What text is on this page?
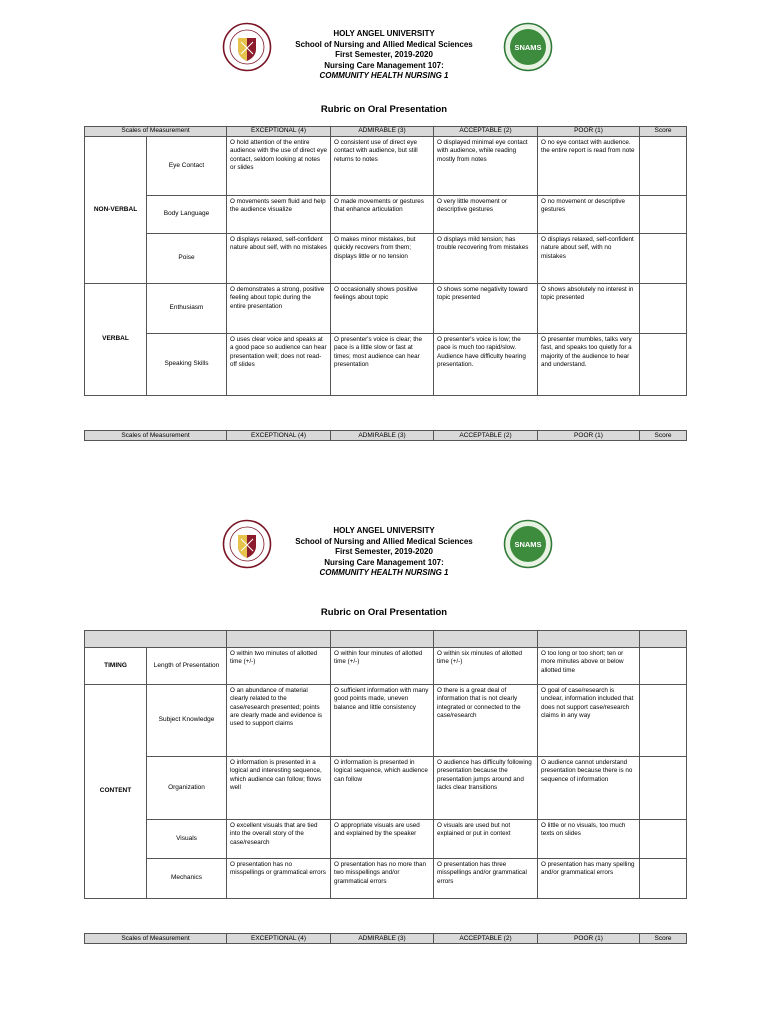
SNAMS
HOLY ANGEL UNIVERSITY
School of Nursing and Allied Medical Sciences
First Semester, 2019-2020
Nursing Care Management 107:
COMMUNITY HEALTH NURSING 1
Rubric on Oral Presentation
Scales of Measurement		EXCEPTIONAL (4)	ADMIRABLE (3)	ACCEPTABLE (2)	POOR (1)	Score
NON-VERBAL	Eye Contact	O hold attention of the entire audience with the use of direct eye contact, seldom looking at notes or slides	O consistent use of direct eye contact with audience, but still returns to notes	O displayed minimal eye contact with audience, while reading mostly from notes	O no eye contact with audience. the entire report is read from note	
	Body Language	O movements seem fluid and help the audience visualize	O made movements or gestures that enhance articulation	O very little movement or descriptive gestures	O no movement or descriptive gestures	
	Poise	O displays relaxed, self-confident nature about self, with no mistakes	O makes minor mistakes, but quickly recovers from them; displays little or no tension	O displays mild tension; has trouble recovering from mistakes	O displays relaxed, self-confident nature about self, with no mistakes	
VERBAL	Enthusiasm	O demonstrates a strong, positive feeling about topic during the entire presentation	O occasionally shows positive feelings about topic	O shows some negativity toward topic presented	O shows absolutely no interest in topic presented	
	Speaking Skills	O uses clear voice and speaks at a good pace so audience can hear presentation well; does not read-off slides	O presenter's voice is clear; the pace is a little slow or fast at times; most audience can hear presentation	O presenter's voice is low; the pace is much too rapid/slow. Audience have difficulty hearing presentation.	O presenter mumbles, talks very fast, and speaks too quietly for a majority of the audience to hear and understand.	
Scales of Measurement	EXCEPTIONAL (4)	ADMIRABLE (3)	ACCEPTABLE (2)	POOR (1)	Score
SNAMS
HOLY ANGEL UNIVERSITY
School of Nursing and Allied Medical Sciences
First Semester, 2019-2020
Nursing Care Management 107:
COMMUNITY HEALTH NURSING 1
Rubric on Oral Presentation

TIMING	Length of Presentation	O within two minutes of allotted time (+/-)	O within four minutes of allotted time (+/-)	O within six minutes of allotted time (+/-)	O too long or too short; ten or more minutes above or below allotted time	
CONTENT	Subject Knowledge	O an abundance of material clearly related to the case/research presented; points are clearly made and evidence is used to support claims	O sufficient information with many good points made, uneven balance and little consistency	O there is a great deal of information that is not clearly integrated or connected to the case/research	O goal of case/research is unclear, information included that does not support case/research claims in any way	
	Organization	O information is presented in a logical and interesting sequence, which audience can follow; flows well	O information is presented in logical sequence, which audience can follow	O audience has difficulty following presentation because the presentation jumps around and lacks clear transitions	O audience cannot understand presentation because there is no sequence of information	
	Visuals	O excellent visuals that are tied into the overall story of the case/research	O appropriate visuals are used and explained by the speaker	O visuals are used but not explained or put in context	O little or no visuals, too much texts on slides	
	Mechanics	O presentation has no misspellings or grammatical errors	O presentation has no more than two misspellings and/or grammatical errors	O presentation has three misspellings and/or grammatical errors	O presentation has many spelling and/or grammatical errors	
Scales of Measurement	EXCEPTIONAL (4)	ADMIRABLE (3)	ACCEPTABLE (2)	POOR (1)	Score
